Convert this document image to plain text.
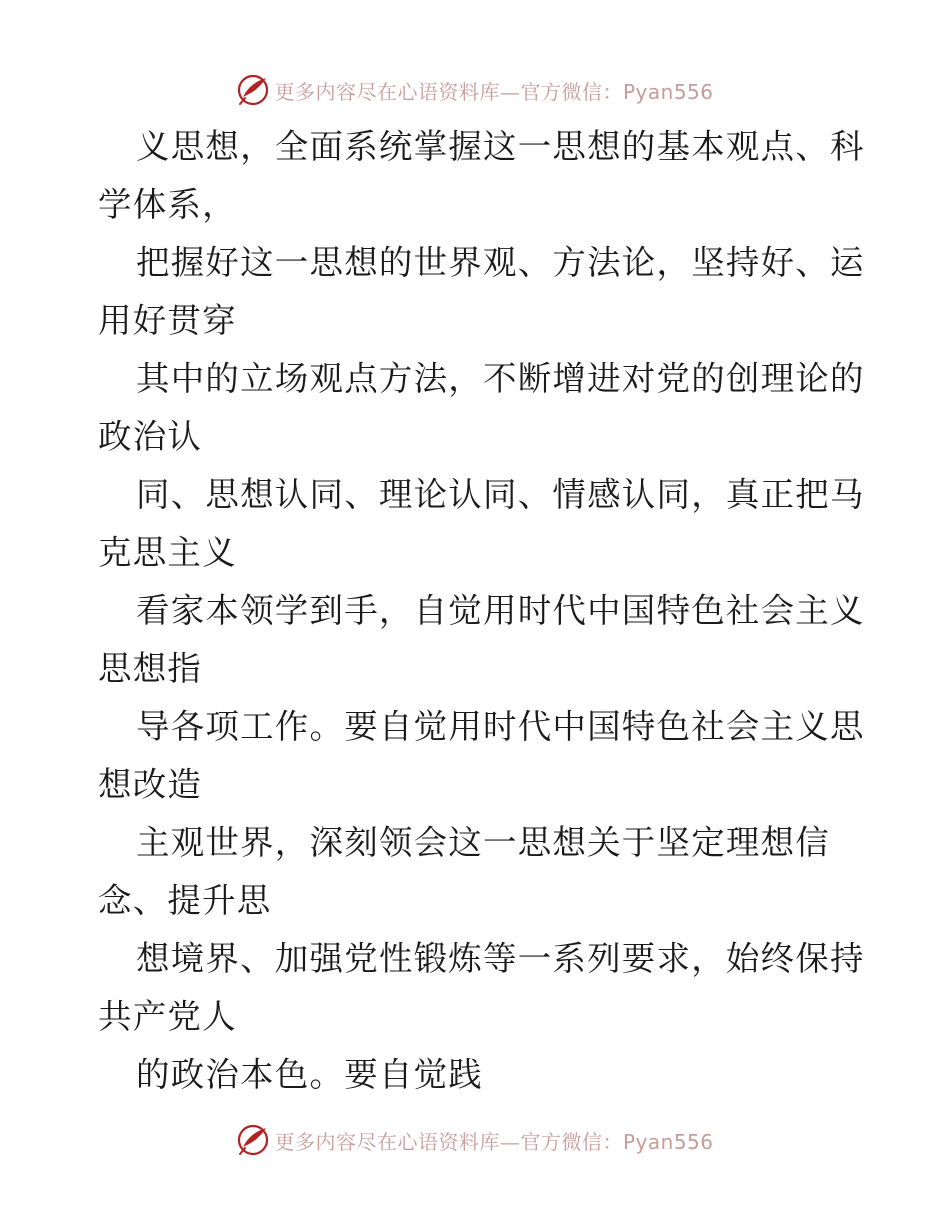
更多内容尽在心语资料库—官方微信：Pyan556
义思想，全面系统掌握这一思想的基本观点、科
学体系，
把握好这一思想的世界观、方法论，坚持好、运
用好贯穿
其中的立场观点方法，不断增进对党的创理论的
政治认
同、思想认同、理论认同、情感认同，真正把马
克思主义
看家本领学到手，自觉用时代中国特色社会主义
思想指
导各项工作。要自觉用时代中国特色社会主义思
想改造
主观世界，深刻领会这一思想关于坚定理想信
念、提升思
想境界、加强党性锻炼等一系列要求，始终保持
共产党人
的政治本色。要自觉践
更多内容尽在心语资料库—官方微信：Pyan556
